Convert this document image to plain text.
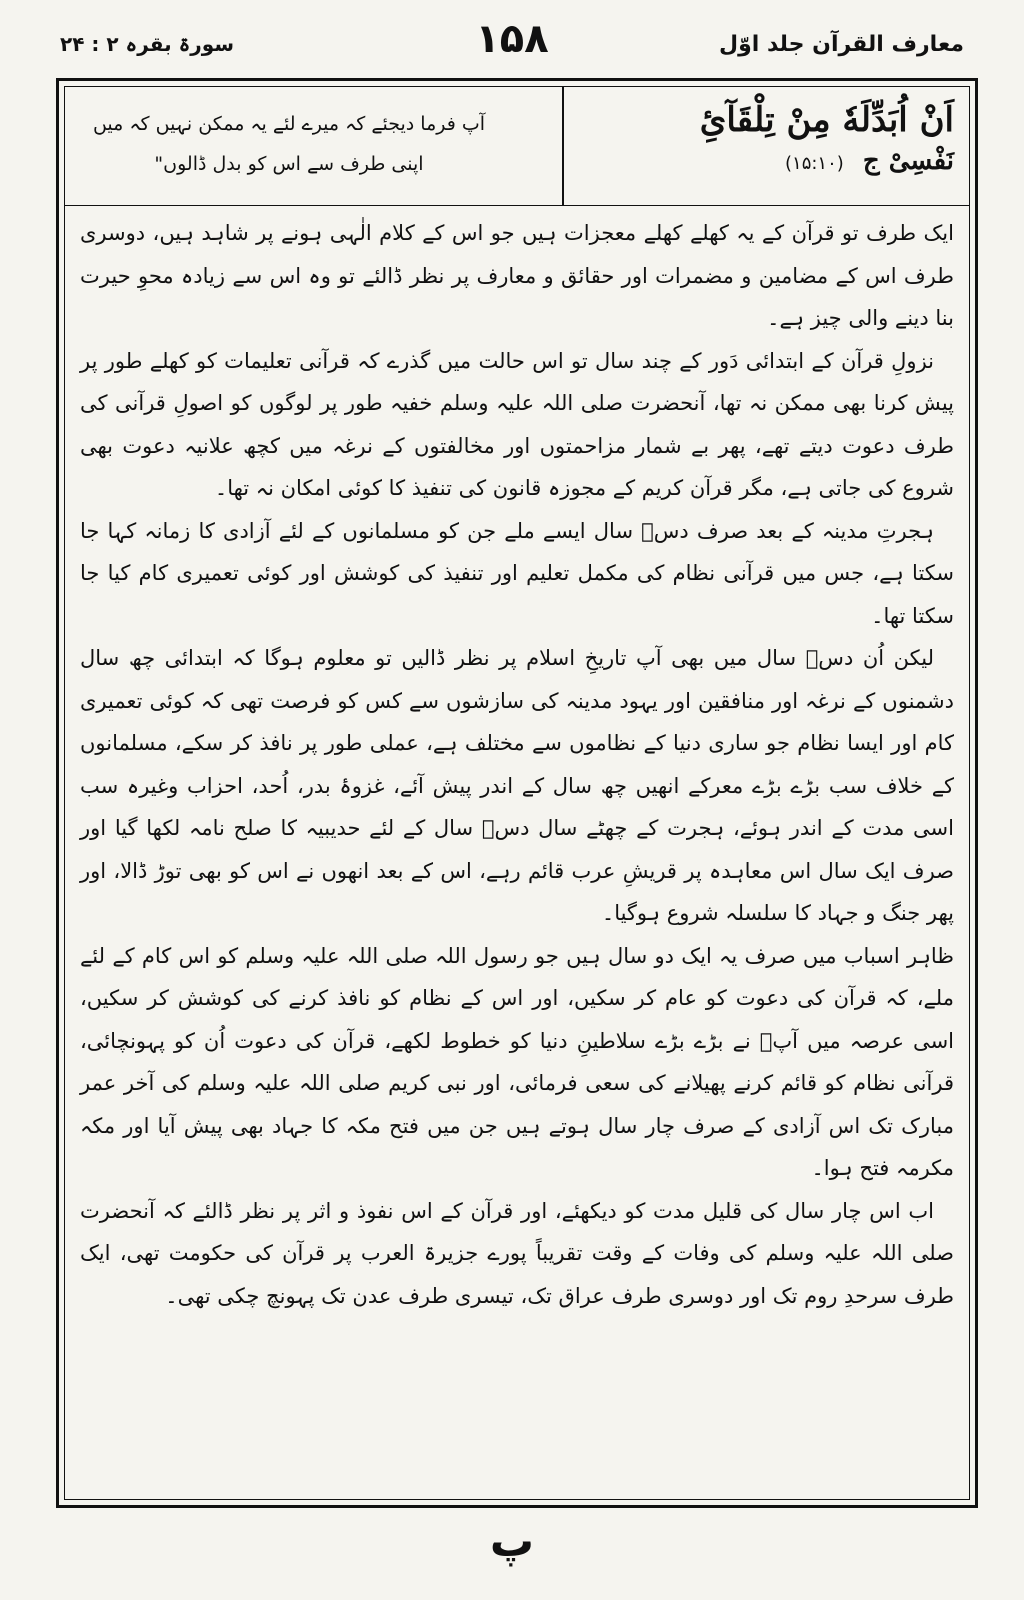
معارف القرآن جلد اوّل
۱۵۸
سورۃ بقرہ ۲ : ۲۴
اَنْ اُبَدِّلَهٗ مِنْ تِلْقَآئِ
نَفْسِیْ ج (۱۵:۱۰)
آپ فرما دیجئے کہ میرے لئے یہ ممکن نہیں کہ میں
اپنی طرف سے اس کو بدل ڈالوں"

ایک طرف تو قرآن کے یہ کھلے کھلے معجزات ہیں جو اس کے کلام الٰہی ہونے پر شاہد ہیں، دوسری طرف اس کے مضامین و مضمرات اور حقائق و معارف پر نظر ڈالئے تو وہ اس سے زیادہ محوِ حیرت بنا دینے والی چیز ہے۔

نزولِ قرآن کے ابتدائی دَور کے چند سال تو اس حالت میں گذرے کہ قرآنی تعلیمات کو کھلے طور پر پیش کرنا بھی ممکن نہ تھا، آنحضرت صلی اللہ علیہ وسلم خفیہ طور پر لوگوں کو اصولِ قرآنی کی طرف دعوت دیتے تھے، پھر بے شمار مزاحمتوں اور مخالفتوں کے نرغہ میں کچھ علانیہ دعوت بھی شروع کی جاتی ہے، مگر قرآن کریم کے مجوزہ قانون کی تنفیذ کا کوئی امکان نہ تھا۔

ہجرتِ مدینہ کے بعد صرف دسؔ سال ایسے ملے جن کو مسلمانوں کے لئے آزادی کا زمانہ کہا جا سکتا ہے، جس میں قرآنی نظام کی مکمل تعلیم اور تنفیذ کی کوشش اور کوئی تعمیری کام کیا جا سکتا تھا۔

لیکن اُن دسؔ سال میں بھی آپ تاریخِ اسلام پر نظر ڈالیں تو معلوم ہوگا کہ ابتدائی چھ سال دشمنوں کے نرغہ اور منافقین اور یہود مدینہ کی سازشوں سے کس کو فرصت تھی کہ کوئی تعمیری کام اور ایسا نظام جو ساری دنیا کے نظاموں سے مختلف ہے، عملی طور پر نافذ کر سکے، مسلمانوں کے خلاف سب بڑے بڑے معرکے انھیں چھ سال کے اندر پیش آئے، غزوۂ بدر، اُحد، احزاب وغیرہ سب اسی مدت کے اندر ہوئے، ہجرت کے چھٹے سال دسؔ سال کے لئے حدیبیہ کا صلح نامہ لکھا گیا اور صرف ایک سال اس معاہدہ پر قریشِ عرب قائم رہے، اس کے بعد انھوں نے اس کو بھی توڑ ڈالا، اور پھر جنگ و جہاد کا سلسلہ شروع ہوگیا۔

ظاہر اسباب میں صرف یہ ایک دو سال ہیں جو رسول اللہ صلی اللہ علیہ وسلم کو اس کام کے لئے ملے، کہ قرآن کی دعوت کو عام کر سکیں، اور اس کے نظام کو نافذ کرنے کی کوشش کر سکیں، اسی عرصہ میں آپؐ نے بڑے بڑے سلاطینِ دنیا کو خطوط لکھے، قرآن کی دعوت اُن کو پہونچائی، قرآنی نظام کو قائم کرنے پھیلانے کی سعی فرمائی، اور نبی کریم صلی اللہ علیہ وسلم کی آخر عمر مبارک تک اس آزادی کے صرف چار سال ہوتے ہیں جن میں فتح مکہ کا جہاد بھی پیش آیا اور مکہ مکرمہ فتح ہوا۔

اب اس چار سال کی قلیل مدت کو دیکھئے، اور قرآن کے اس نفوذ و اثر پر نظر ڈالئے کہ آنحضرت صلی اللہ علیہ وسلم کی وفات کے وقت تقریباً پورے جزیرۃ العرب پر قرآن کی حکومت تھی، ایک طرف سرحدِ روم تک اور دوسری طرف عراق تک، تیسری طرف عدن تک پہونچ چکی تھی۔

پ
